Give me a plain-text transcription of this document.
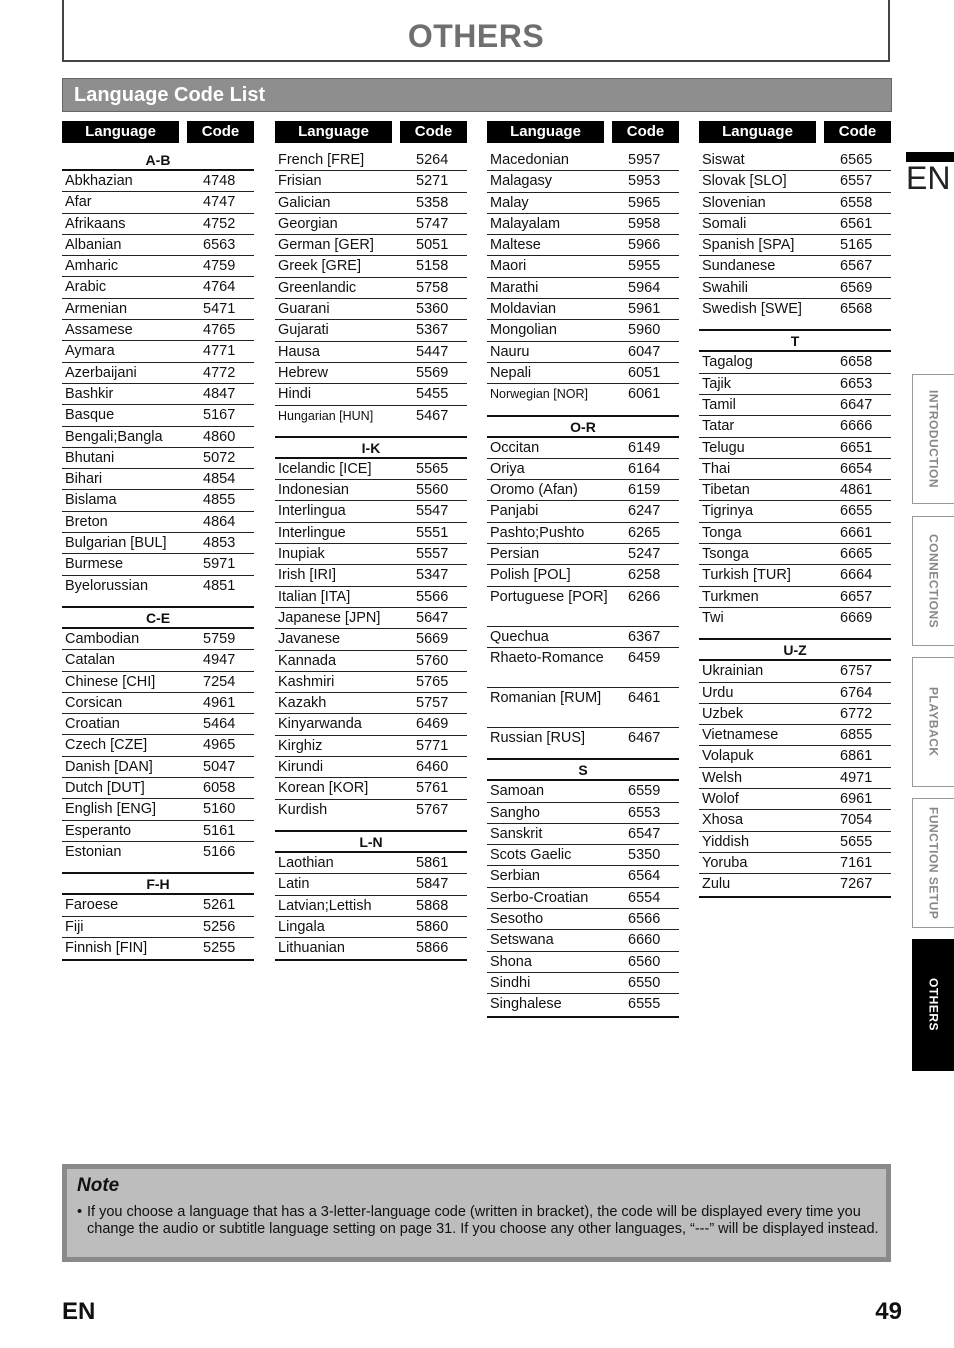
OTHERS
Language Code List
Language	Code
A-B
Abkhazian	4748
Afar	4747
Afrikaans	4752
Albanian	6563
Amharic	4759
Arabic	4764
Armenian	5471
Assamese	4765
Aymara	4771
Azerbaijani	4772
Bashkir	4847
Basque	5167
Bengali;Bangla	4860
Bhutani	5072
Bihari	4854
Bislama	4855
Breton	4864
Bulgarian [BUL]	4853
Burmese	5971
Byelorussian	4851
C-E
Cambodian	5759
Catalan	4947
Chinese [CHI]	7254
Corsican	4961
Croatian	5464
Czech [CZE]	4965
Danish [DAN]	5047
Dutch [DUT]	6058
English [ENG]	5160
Esperanto	5161
Estonian	5166
F-H
Faroese	5261
Fiji	5256
Finnish [FIN]	5255
Language	Code
French [FRE]	5264
Frisian	5271
Galician	5358
Georgian	5747
German [GER]	5051
Greek [GRE]	5158
Greenlandic	5758
Guarani	5360
Gujarati	5367
Hausa	5447
Hebrew	5569
Hindi	5455
Hungarian [HUN]	5467
I-K
Icelandic [ICE]	5565
Indonesian	5560
Interlingua	5547
Interlingue	5551
Inupiak	5557
Irish [IRI]	5347
Italian [ITA]	5566
Japanese [JPN]	5647
Javanese	5669
Kannada	5760
Kashmiri	5765
Kazakh	5757
Kinyarwanda	6469
Kirghiz	5771
Kirundi	6460
Korean [KOR]	5761
Kurdish	5767
L-N
Laothian	5861
Latin	5847
Latvian;Lettish	5868
Lingala	5860
Lithuanian	5866
Language	Code
Macedonian	5957
Malagasy	5953
Malay	5965
Malayalam	5958
Maltese	5966
Maori	5955
Marathi	5964
Moldavian	5961
Mongolian	5960
Nauru	6047
Nepali	6051
Norwegian [NOR]	6061
O-R
Occitan	6149
Oriya	6164
Oromo (Afan)	6159
Panjabi	6247
Pashto;Pushto	6265
Persian	5247
Polish [POL]	6258
Portuguese [POR]	6266
Quechua	6367
Rhaeto-Romance	6459
Romanian [RUM]	6461
Russian [RUS]	6467
S
Samoan	6559
Sangho	6553
Sanskrit	6547
Scots Gaelic	5350
Serbian	6564
Serbo-Croatian	6554
Sesotho	6566
Setswana	6660
Shona	6560
Sindhi	6550
Singhalese	6555
Language	Code
Siswat	6565
Slovak [SLO]	6557
Slovenian	6558
Somali	6561
Spanish [SPA]	5165
Sundanese	6567
Swahili	6569
Swedish [SWE]	6568
T
Tagalog	6658
Tajik	6653
Tamil	6647
Tatar	6666
Telugu	6651
Thai	6654
Tibetan	4861
Tigrinya	6655
Tonga	6661
Tsonga	6665
Turkish [TUR]	6664
Turkmen	6657
Twi	6669
U-Z
Ukrainian	6757
Urdu	6764
Uzbek	6772
Vietnamese	6855
Volapuk	6861
Welsh	4971
Wolof	6961
Xhosa	7054
Yiddish	5655
Yoruba	7161
Zulu	7267
EN
INTRODUCTION
CONNECTIONS
PLAYBACK
FUNCTION SETUP
OTHERS
Note
• If you choose a language that has a 3-letter-language code (written in bracket), the code will be displayed every time you change the audio or subtitle language setting on page 31. If you choose any other languages, “---” will be displayed instead.
EN	49
